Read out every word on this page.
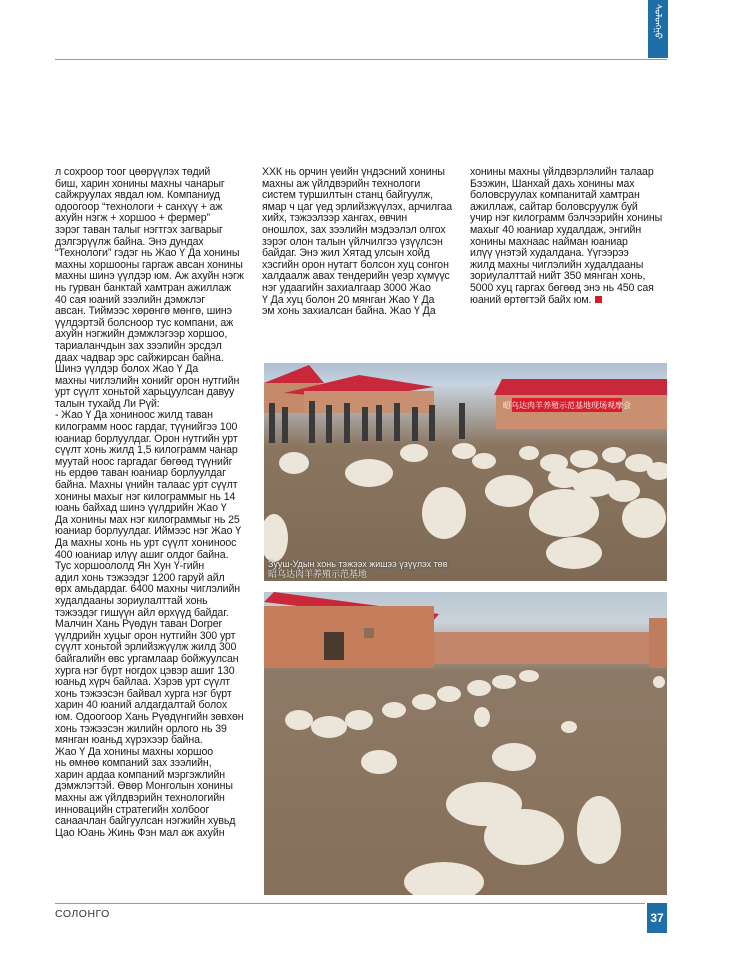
ᠰᠣᠯᠣᠩᠭᠣ

л сохроор тоог цөөрүүлэх төдий

биш, харин хонины махны чанарыг

сайжруулах явдал юм. Компаниуд

одоогоор “технологи + санхүү + аж

ахуйн нэгж + хоршоо + фермер”

зэрэг таван талыг нэгтгэх загварыг

дэлгэрүүлж байна. Энэ дундах

“Технологи” гэдэг нь Жао Ү Да хонины

махны хоршооны гаргаж авсан хонины

махны шинэ үүлдэр юм. Аж ахуйн нэгж

нь гурван банктай хамтран ажиллаж

40 сая юаний зээлийн дэмжлэг

авсан. Тиймээс хөрөнгө мөнгө, шинэ

үүлдэртэй болсноор тус компани, аж

ахуйн нэгжийн дэмжлэгээр хоршоо,

тариаланчдын зах зээлийн эрсдэл

даах чадвар эрс сайжирсан байна.

Шинэ үүлдэр болох Жао Ү Да

махны чиглэлийн хонийг орон нутгийн

урт сүүлт хоньтой харьцуулсан давуу

талын тухайд Ли Рүй:

- Жао Ү Да хониноос жилд таван

килограмм ноос гардаг, түүнийгээ 100

юаниар борлуулдаг. Орон нутгийн урт

сүүлт хонь жилд 1,5 килограмм чанар

муутай ноос гаргадаг бөгөөд түүнийг

нь ердөө таван юаниар борлуулдаг

байна. Махны үнийн талаас урт сүүлт

хонины махыг нэг килограммыг нь 14

юань байхад шинэ үүлдрийн Жао Ү

Да хонины мах нэг килограммыг нь 25

юаниар борлуулдаг. Иймээс нэг Жао Ү

Да махны хонь нь урт сүүлт хониноос

400 юаниар илүү ашиг олдог байна.

Тус хоршоололд Ян Хун Ү-гийн

адил хонь тэжээдэг 1200 гаруй айл

өрх амьдардаг. 6400 махны чиглэлийн

худалдааны зориулалттай хонь

тэжээдэг гишүүн айл өрхүүд байдаг.

Малчин Хань Рүөдүн таван Dorper

үүлдрийн хуцыг орон нутгийн 300 урт

сүүлт хоньтой эрлийзжүүлж жилд 300

байгалийн өвс ургамлаар бойжуулсан

хурга нэг бүрт ногдох цэвэр ашиг 130

юаньд хүрч байлаа. Хэрэв урт сүүлт

хонь тэжээсэн байвал хурга нэг бүрт

харин 40 юаний алдагдалтай болох

юм. Одоогоор Хань Рүөдүнгийн зөвхөн

хонь тэжээсэн жилийн орлого нь 39

мянган юаньд хүрэхээр байна.

Жао Ү Да хонины махны хоршоо

нь өмнөө компаний зах зээлийн,

харин ардаа компаний мэргэжлийн

дэмжлэгтэй. Өвөр Монголын хонины

махны аж үйлдвэрийн технологийн

инновацийн стратегийн холбоог

санаачлан байгуулсан нэгжийн хувьд

Цао Юань Жинь Фэн мал аж ахуйн

ХХК нь орчин үеийн үндэсний хонины

махны аж үйлдвэрийн технологи

систем туршилтын станц байгуулж,

ямар ч цаг үед эрлийзжүүлэх, арчилгаа

хийх, тэжээлээр хангах, өвчин

оношлох, зах зээлийн мэдээлэл олгох

зэрэг олон талын үйлчилгээ үзүүлсэн

байдаг. Энэ жил Хятад улсын хойд

хэсгийн орон нутагт болсон хуц сонгон

халдаалж авах тендерийн үеэр хүмүүс

нэг удаагийн захиалгаар 3000 Жао

Ү Да хуц болон 20 мянган Жао Ү Да

эм хонь захиалсан байна. Жао Ү Да

хонины махны үйлдвэрлэлийн талаар

Бээжин, Шанхай дахь хонины мах

боловсруулах компанитай хамтран

ажиллаж, сайтар боловсруулж буй

учир нэг килограмм бэлчээрийн хонины

махыг 40 юаниар худалдаж, энгийн

хонины махнаас найман юаниар

илүү үнэтэй худалдана. Үүгээрээ

жилд махны чиглэлийн худалдааны

зориулалттай нийт 350 мянган хонь,

5000 хуц гаргах бөгөөд энэ нь 450 сая

юаний өртөгтэй байх юм.

昭乌达肉羊养殖示范基地现场观摩会
Зууш-Удын хонь тэжээх жишээ үзүүлэх төв
昭乌达肉羊养殖示范基地
СОЛОНГО	37
